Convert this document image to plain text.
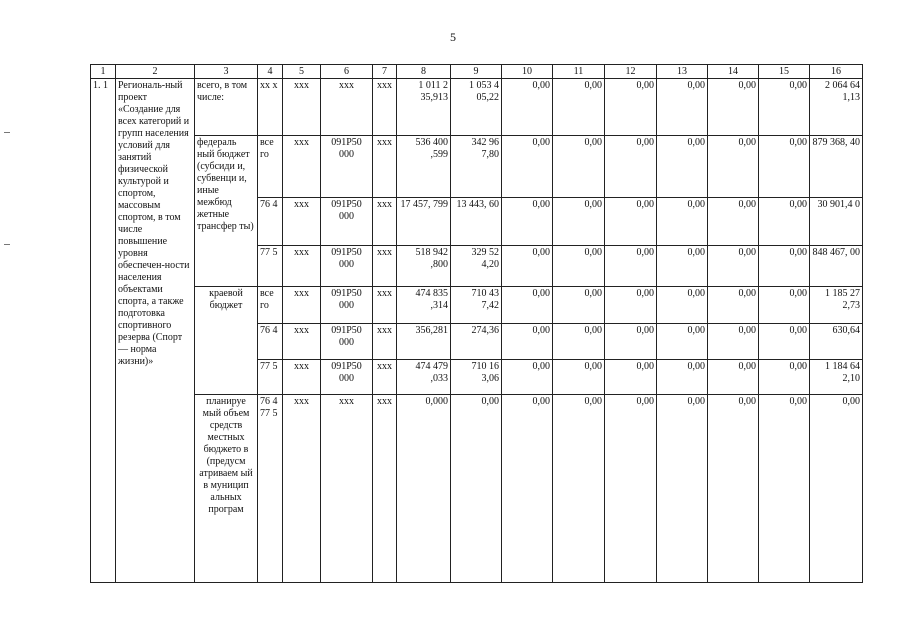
5
1	2	3	4	5	6	7	8	9	10	11	12	13	14	15	16

1. 1	Региональ-ный проект «Создание для всех категорий и групп населения условий для занятий физической культурой и спортом, массовым спортом, в том числе повышение уровня обеспечен-ности населения объектами спорта, а также подготовка спортивного резерва (Спорт — норма жизни)»	всего, в том числе:	xx x	xxx	xxx	xxx	1 011 2 35,913	1 053 4 05,22	0,00	0,00	0,00	0,00	0,00	0,00	2 064 64 1,13
		федераль ный бюджет (субсиди и, субвенци и, иные межбюд жетные трансфер ты)	все го	xxx	091Р50 000	xxx	536 400 ,599	342 96 7,80	0,00	0,00	0,00	0,00	0,00	0,00	879 368, 40

			76 4	xxx	091Р50 000	xxx	17 457, 799	13 443, 60	0,00	0,00	0,00	0,00	0,00	0,00	30 901,4 0

			77 5	xxx	091Р50 000	xxx	518 942 ,800	329 52 4,20	0,00	0,00	0,00	0,00	0,00	0,00	848 467, 00
		краевой бюджет	все го	xxx	091Р50 000	xxx	474 835 ,314	710 43 7,42	0,00	0,00	0,00	0,00	0,00	0,00	1 185 27 2,73

			76 4	xxx	091Р50 000	xxx	356,281	274,36	0,00	0,00	0,00	0,00	0,00	0,00	630,64

			77 5	xxx	091Р50 000	xxx	474 479 ,033	710 16 3,06	0,00	0,00	0,00	0,00	0,00	0,00	1 184 64 2,10
		планируе мый объем средств местных бюджето в (предусм атриваем ый в муницип альных програм	76 4 77 5	xxx	xxx	xxx	0,000	0,00	0,00	0,00	0,00	0,00	0,00	0,00	0,00
